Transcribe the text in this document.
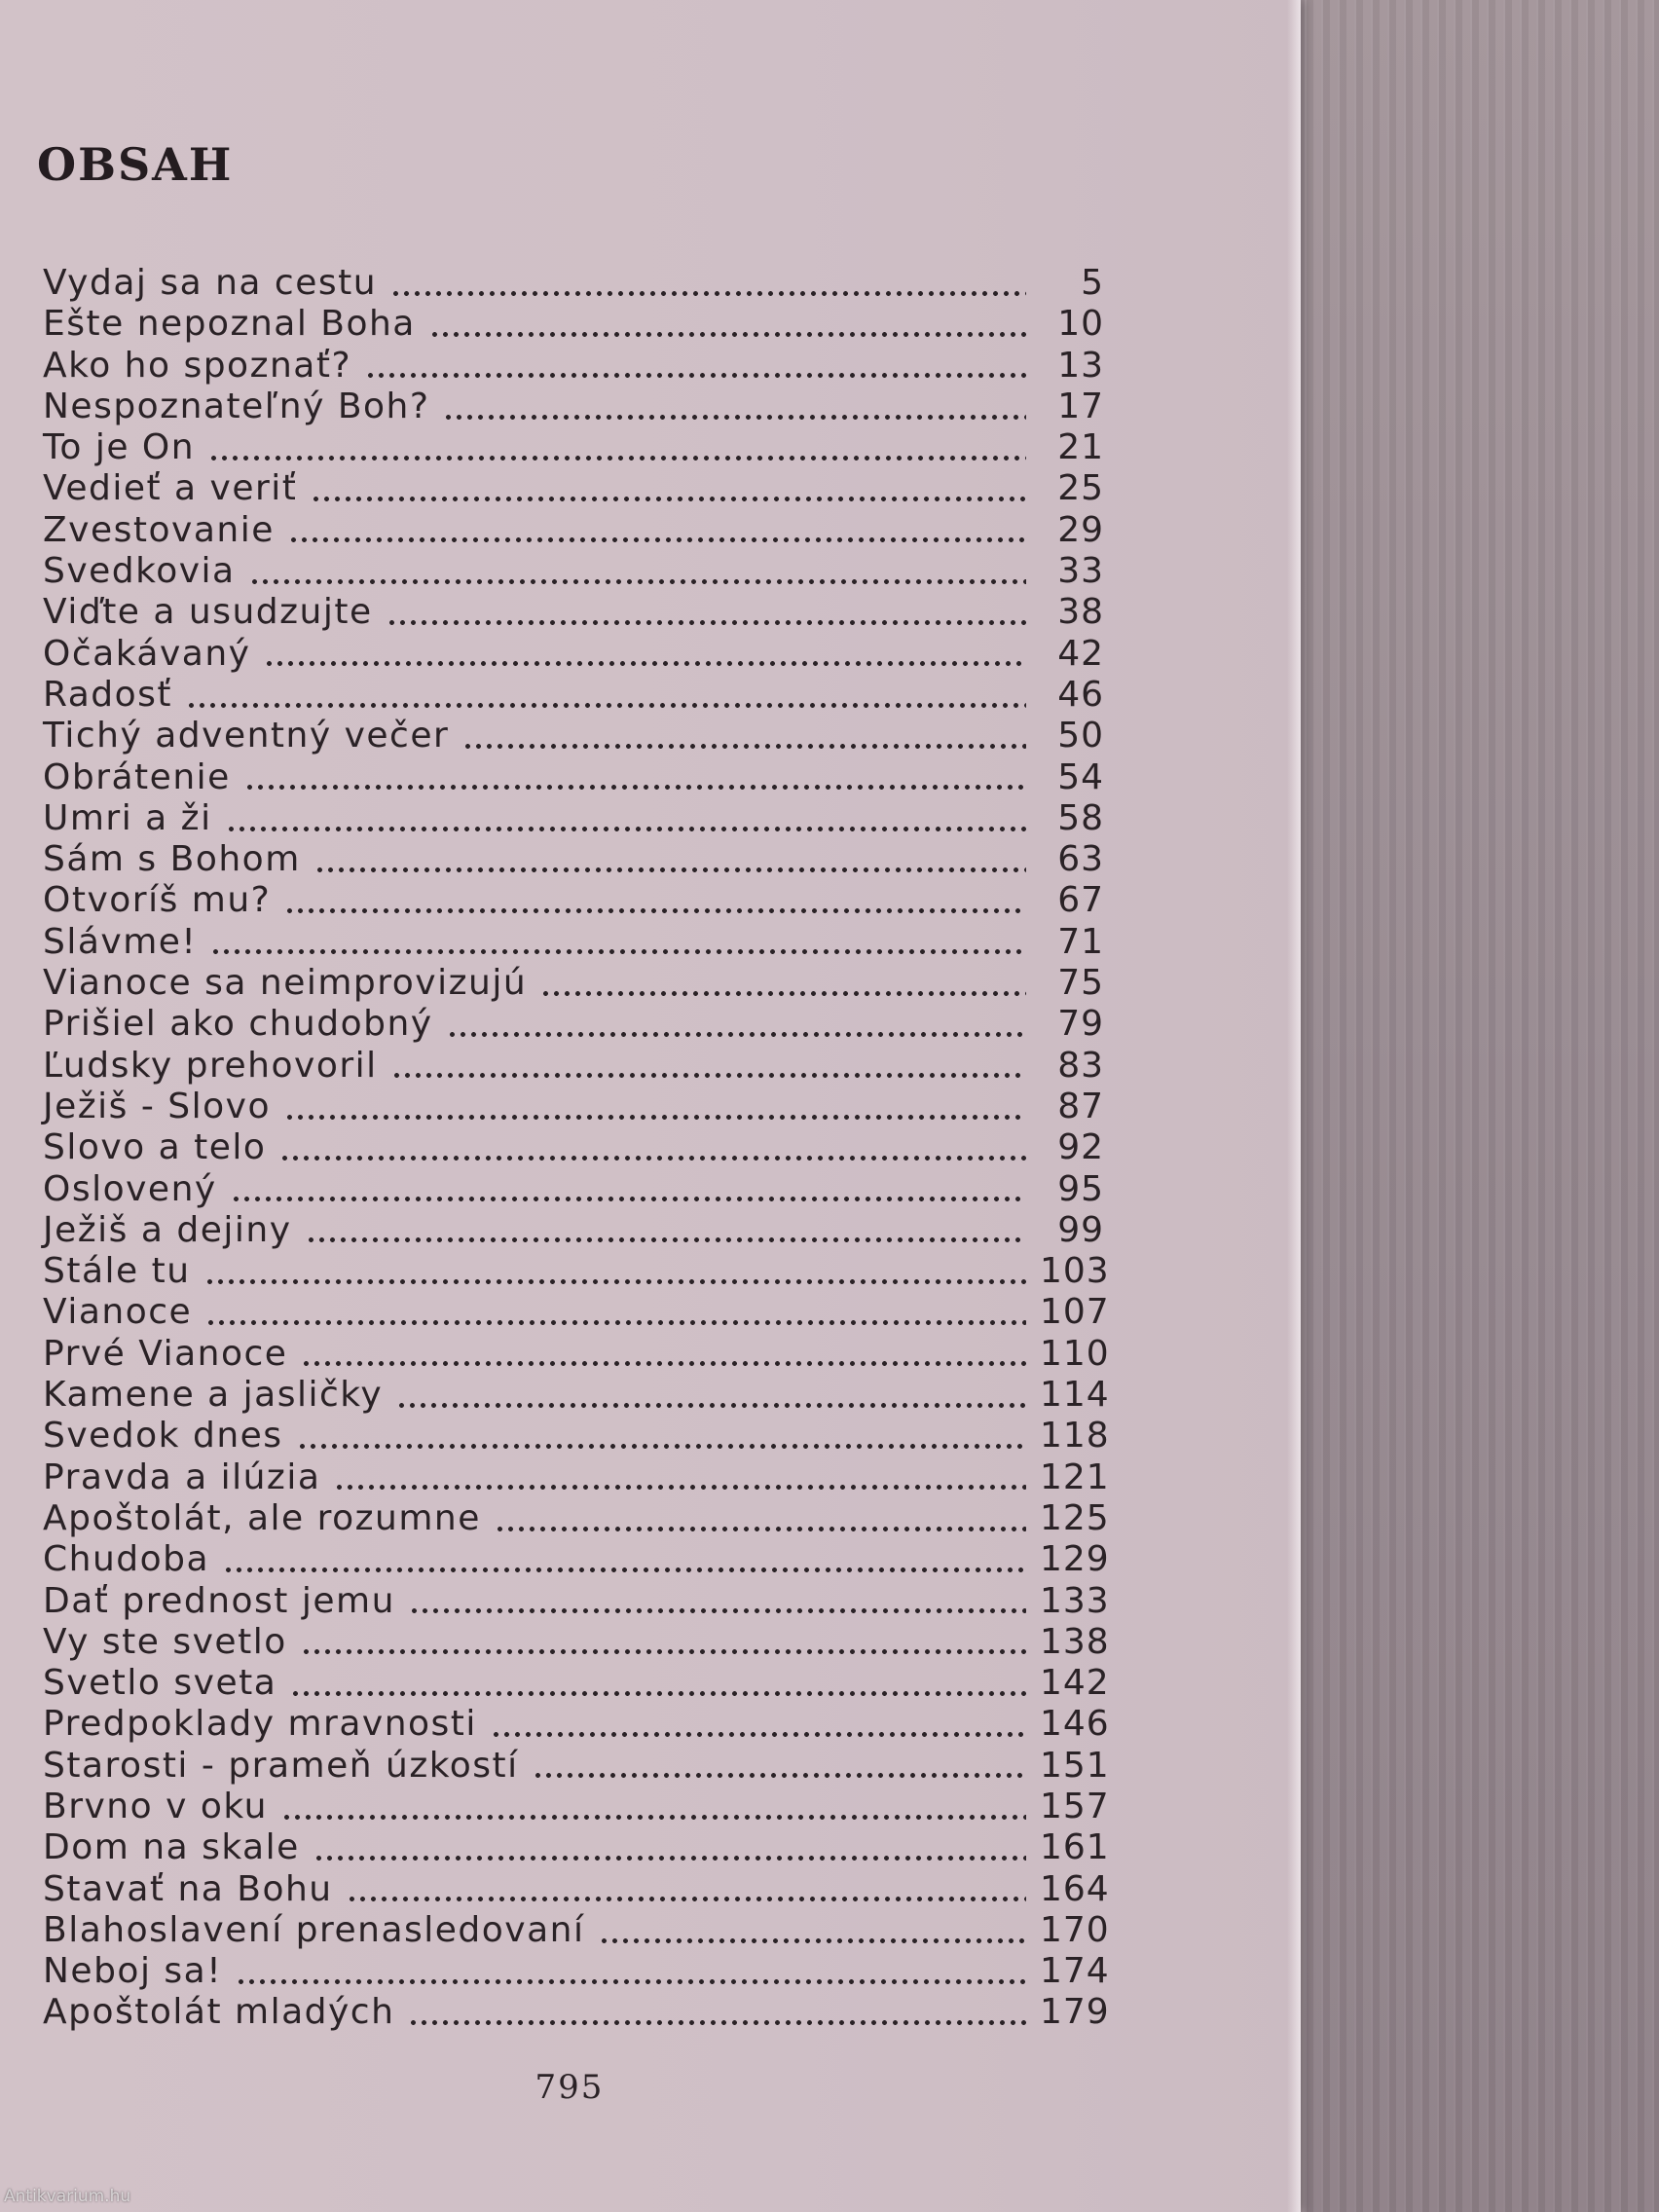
OBSAH
Vydaj sa na cestu	5
Ešte nepoznal Boha	10
Ako ho spoznať?	13
Nespoznateľný Boh?	17
To je On	21
Vedieť a veriť	25
Zvestovanie	29
Svedkovia	33
Viďte a usudzujte	38
Očakávaný	42
Radosť	46
Tichý adventný večer	50
Obrátenie	54
Umri a ži	58
Sám s Bohom	63
Otvoríš mu?	67
Slávme!	71
Vianoce sa neimprovizujú	75
Prišiel ako chudobný	79
Ľudsky prehovoril	83
Ježiš - Slovo	87
Slovo a telo	92
Oslovený	95
Ježiš a dejiny	99
Stále tu	103
Vianoce	107
Prvé Vianoce	110
Kamene a jasličky	114
Svedok dnes	118
Pravda a ilúzia	121
Apoštolát, ale rozumne	125
Chudoba	129
Dať prednost jemu	133
Vy ste svetlo	138
Svetlo sveta	142
Predpoklady mravnosti	146
Starosti - prameň úzkostí	151
Brvno v oku	157
Dom na skale	161
Stavať na Bohu	164
Blahoslavení prenasledovaní	170
Neboj sa!	174
Apoštolát mladých	179
795
Antikvarium.hu
